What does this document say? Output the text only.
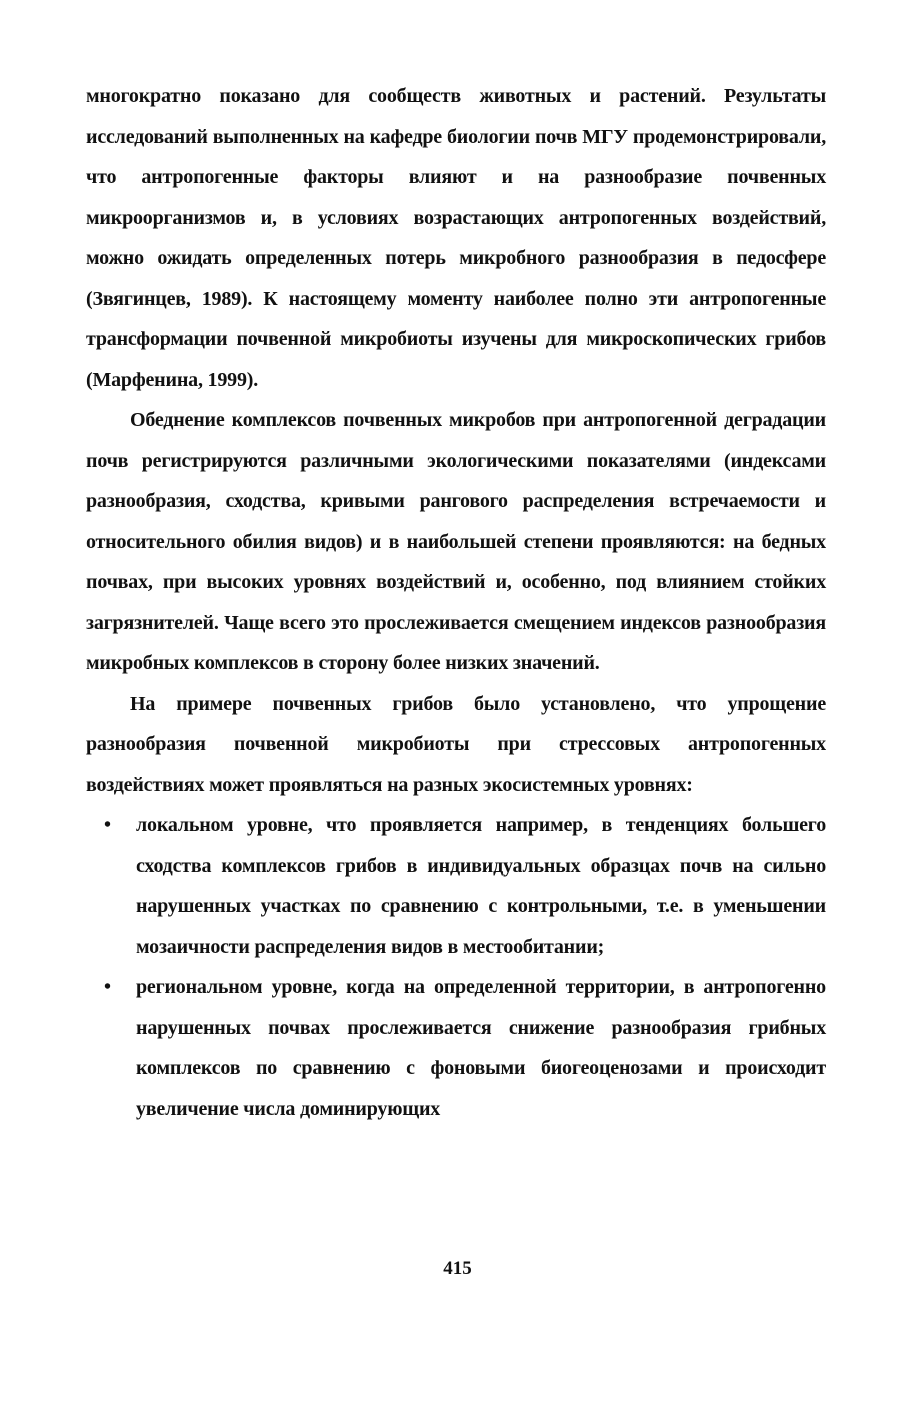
многократно показано для сообществ животных и растений. Результаты исследований выполненных на кафедре биологии почв МГУ продемонстрировали, что антропогенные факторы влияют и на разнообразие почвенных микроорганизмов и, в условиях возрастающих антропогенных воздействий, можно ожидать определенных потерь микробного разнообразия в педосфере (Звягинцев, 1989). К настоящему моменту наиболее полно эти антропогенные трансформации почвенной микробиоты изучены для микроскопических грибов (Марфенина, 1999).

Обеднение комплексов почвенных микробов при антропогенной деградации почв регистрируются различными экологическими показателями (индексами разнообразия, сходства, кривыми рангового распределения встречаемости и относительного обилия видов) и в наибольшей степени проявляются: на бедных почвах, при высоких уровнях воздействий и, особенно, под влиянием стойких загрязнителей. Чаще всего это прослеживается смещением индексов разнообразия микробных комплексов в сторону более низких значений.

На примере почвенных грибов было установлено, что упрощение разнообразия почвенной микробиоты при стрессовых антропогенных воздействиях может проявляться на разных экосистемных уровнях:

• локальном уровне, что проявляется например, в тенденциях большего сходства комплексов грибов в индивидуальных образцах почв на сильно нарушенных участках по сравнению с контрольными, т.е. в уменьшении мозаичности распределения видов в местообитании;
• региональном уровне, когда на определенной территории, в антропогенно нарушенных почвах прослеживается снижение разнообразия грибных комплексов по сравнению с фоновыми биогеоценозами и происходит увеличение числа доминирующих
415
